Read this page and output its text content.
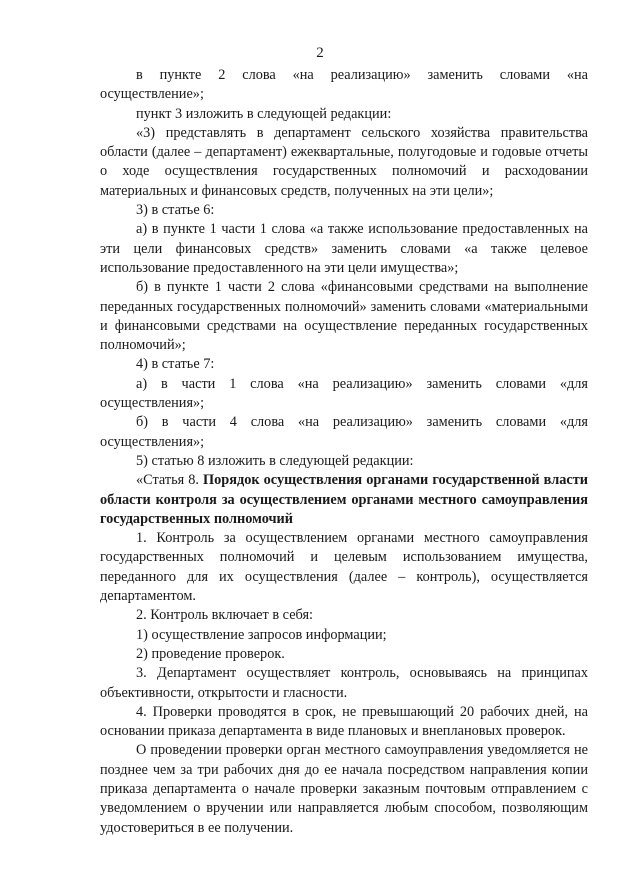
2

в пункте 2 слова «на реализацию» заменить словами «на осуществление»;

пункт 3 изложить в следующей редакции:

«3) представлять в департамент сельского хозяйства правительства области (далее – департамент) ежеквартальные, полугодовые и годовые отчеты о ходе осуществления государственных полномочий и расходовании материальных и финансовых средств, полученных на эти цели»;

3) в статье 6:

а) в пункте 1 части 1 слова «а также использование предоставленных на эти цели финансовых средств» заменить словами «а также целевое использование предоставленного на эти цели имущества»;

б) в пункте 1 части 2 слова «финансовыми средствами на выполнение переданных государственных полномочий» заменить словами «материальными и финансовыми средствами на осуществление переданных государственных полномочий»;

4) в статье 7:

а) в части 1 слова «на реализацию» заменить словами «для осуществления»;

б) в части 4 слова «на реализацию» заменить словами «для осуществления»;

5) статью 8 изложить в следующей редакции:

«Статья 8. Порядок осуществления органами государственной власти области контроля за осуществлением органами местного самоуправления государственных полномочий

1. Контроль за осуществлением органами местного самоуправления государственных полномочий и целевым использованием имущества, переданного для их осуществления (далее – контроль), осуществляется департаментом.

2. Контроль включает в себя:

1) осуществление запросов информации;

2) проведение проверок.

3. Департамент осуществляет контроль, основываясь на принципах объективности, открытости и гласности.

4. Проверки проводятся в срок, не превышающий 20 рабочих дней, на основании приказа департамента в виде плановых и внеплановых проверок.

О проведении проверки орган местного самоуправления уведомляется не позднее чем за три рабочих дня до ее начала посредством направления копии приказа департамента о начале проверки заказным почтовым отправлением с уведомлением о вручении или направляется любым способом, позволяющим удостовериться в ее получении.
